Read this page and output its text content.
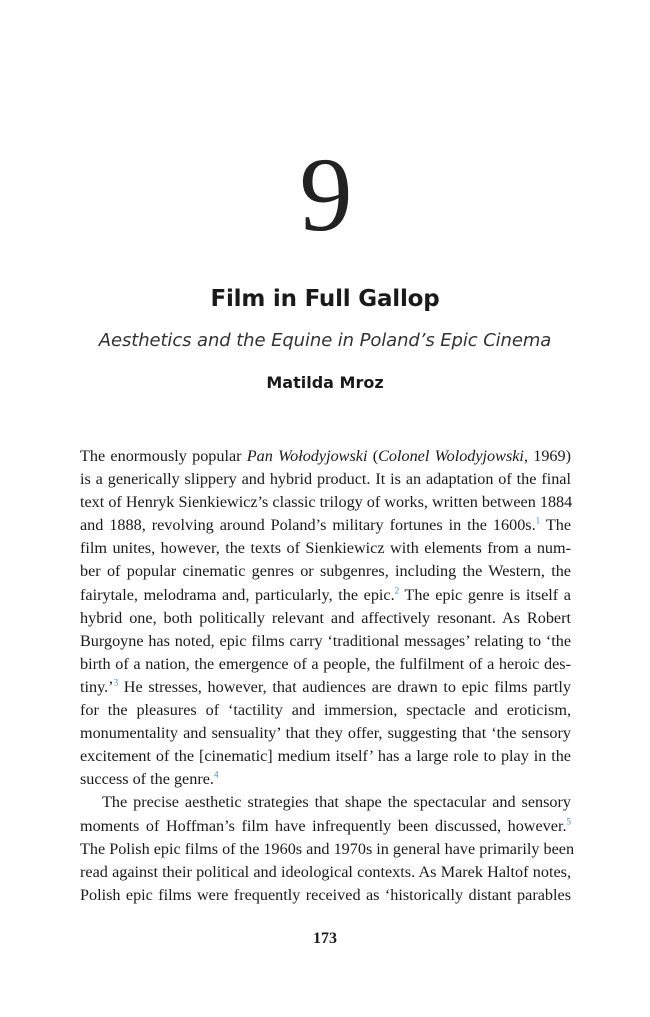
9
Film in Full Gallop
Aesthetics and the Equine in Poland’s Epic Cinema
Matilda Mroz

The enormously popular Pan Wołodyjowski (Colonel Wolodyjowski, 1969)
is a generically slippery and hybrid product. It is an adaptation of the final
text of Henryk Sienkiewicz’s classic trilogy of works, written between 1884
and 1888, revolving around Poland’s military fortunes in the 1600s.$^1$ The
film unites, however, the texts of Sienkiewicz with elements from a num-
ber of popular cinematic genres or subgenres, including the Western, the
fairytale, melodrama and, particularly, the epic.$^2$ The epic genre is itself a
hybrid one, both politically relevant and affectively resonant. As Robert
Burgoyne has noted, epic films carry ‘traditional messages’ relating to ‘the
birth of a nation, the emergence of a people, the fulfilment of a heroic des-
tiny.’$^3$ He stresses, however, that audiences are drawn to epic films partly
for the pleasures of ‘tactility and immersion, spectacle and eroticism,
monumentality and sensuality’ that they offer, suggesting that ‘the sensory
excitement of the [cinematic] medium itself’ has a large role to play in the
success of the genre.$^4$

The precise aesthetic strategies that shape the spectacular and sensory
moments of Hoffman’s film have infrequently been discussed, however.$^5$
The Polish epic films of the 1960s and 1970s in general have primarily been
read against their political and ideological contexts. As Marek Haltof notes,
Polish epic films were frequently received as ‘historically distant parables

173
